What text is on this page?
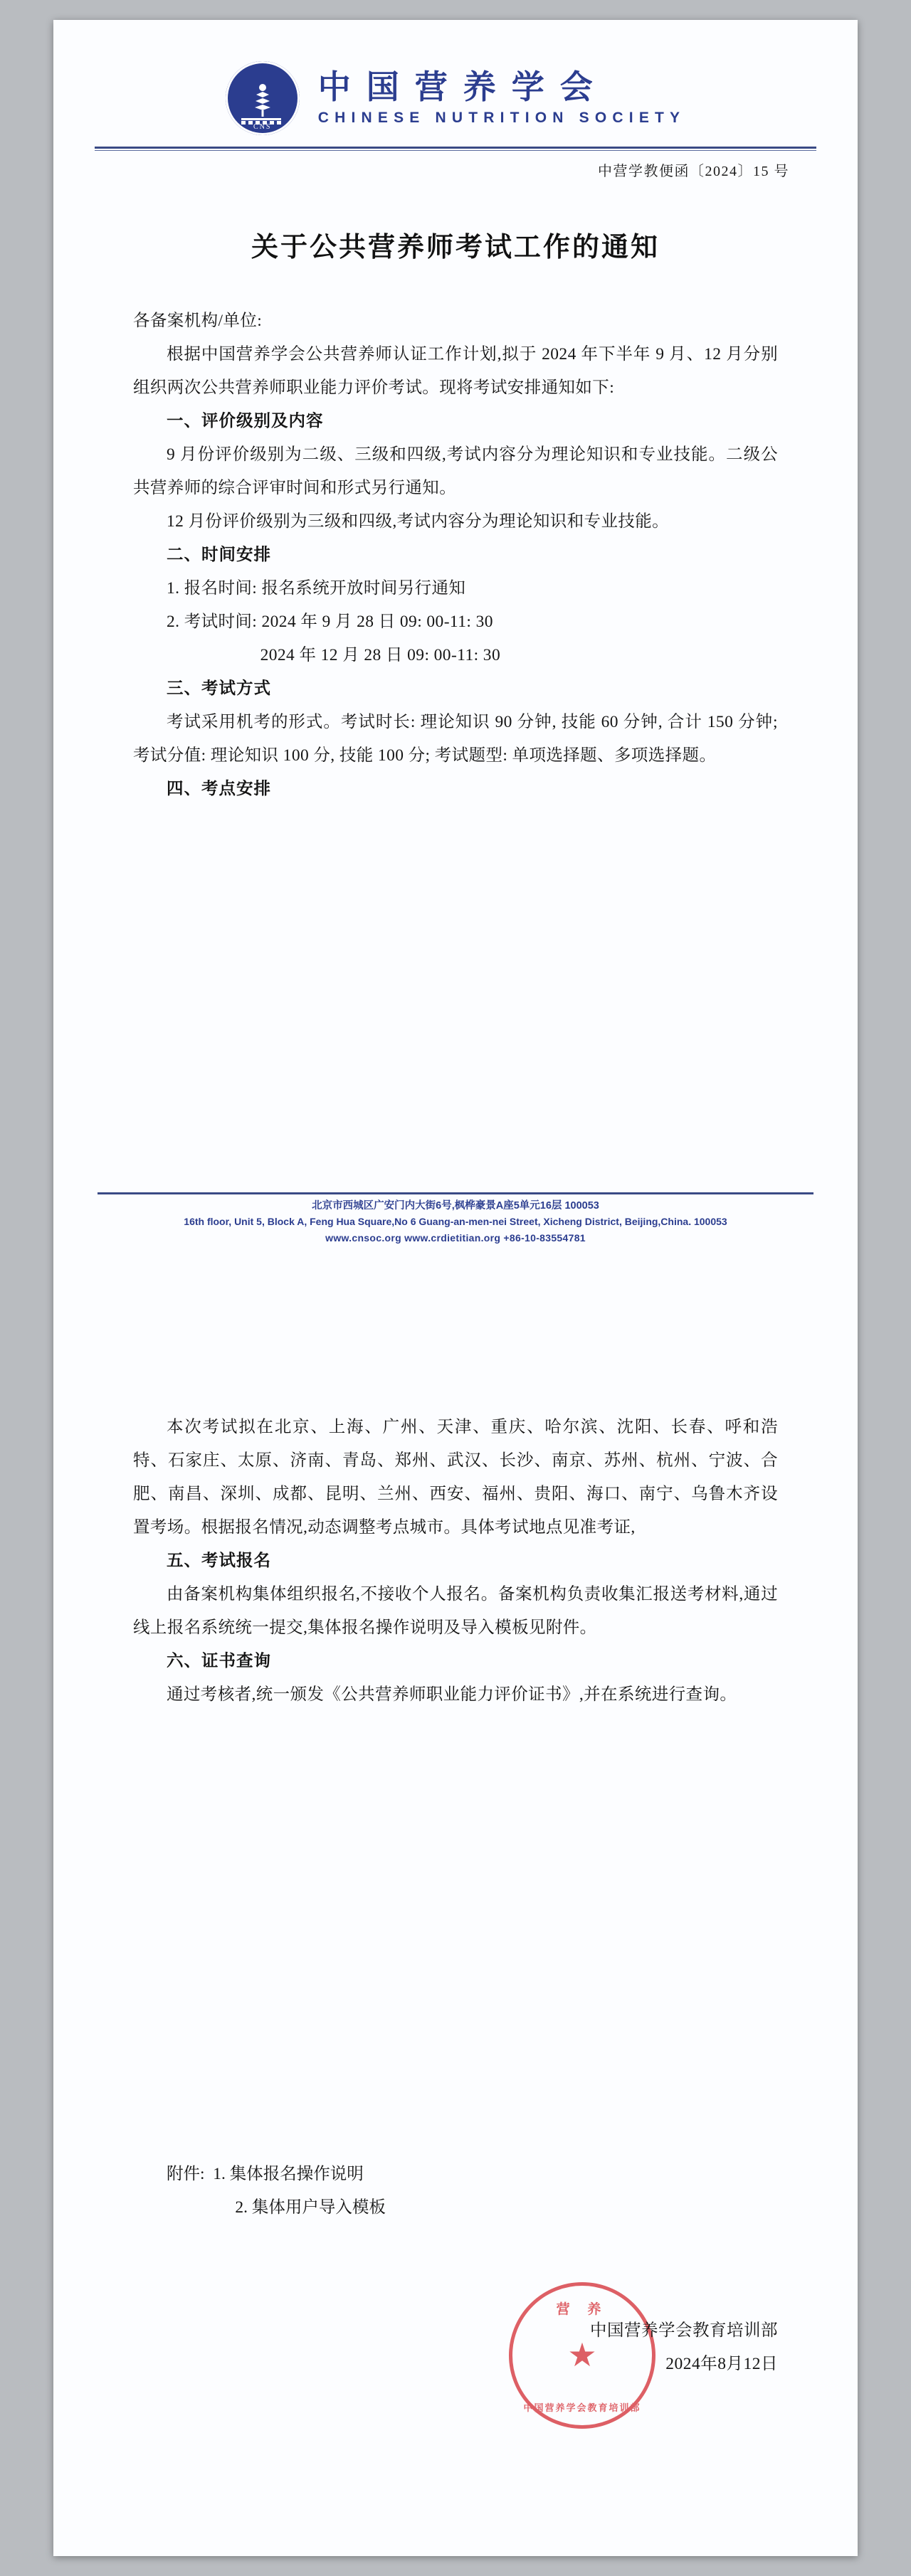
CNS
中国营养学会
CHINESE NUTRITION SOCIETY
中营学教便函〔2024〕15 号
关于公共营养师考试工作的通知
各备案机构/单位:
根据中国营养学会公共营养师认证工作计划,拟于 2024 年下半年 9 月、12 月分别组织两次公共营养师职业能力评价考试。现将考试安排通知如下:
一、评价级别及内容
9 月份评价级别为二级、三级和四级,考试内容分为理论知识和专业技能。二级公共营养师的综合评审时间和形式另行通知。
12 月份评价级别为三级和四级,考试内容分为理论知识和专业技能。
二、时间安排
1. 报名时间: 报名系统开放时间另行通知
2. 考试时间: 2024 年 9 月 28 日 09: 00-11: 30
2024 年 12 月 28 日 09: 00-11: 30
三、考试方式
考试采用机考的形式。考试时长: 理论知识 90 分钟, 技能 60 分钟, 合计 150 分钟; 考试分值: 理论知识 100 分, 技能 100 分; 考试题型: 单项选择题、多项选择题。
四、考点安排
北京市西城区广安门内大街6号,枫桦豪景A座5单元16层 100053
16th floor, Unit 5, Block A, Feng Hua Square,No 6 Guang-an-men-nei Street, Xicheng District, Beijing,China. 100053
www.cnsoc.org www.crdietitian.org +86-10-83554781
本次考试拟在北京、上海、广州、天津、重庆、哈尔滨、沈阳、长春、呼和浩特、石家庄、太原、济南、青岛、郑州、武汉、长沙、南京、苏州、杭州、宁波、合肥、南昌、深圳、成都、昆明、兰州、西安、福州、贵阳、海口、南宁、乌鲁木齐设置考场。根据报名情况,动态调整考点城市。具体考试地点见准考证,
五、考试报名
由备案机构集体组织报名,不接收个人报名。备案机构负责收集汇报送考材料,通过线上报名系统统一提交,集体报名操作说明及导入模板见附件。
六、证书查询
通过考核者,统一颁发《公共营养师职业能力评价证书》,并在系统进行查询。
附件: 1. 集体报名操作说明
2. 集体用户导入模板
营 养
★
中国营养学会教育培训部
中国营养学会教育培训部
2024年8月12日
